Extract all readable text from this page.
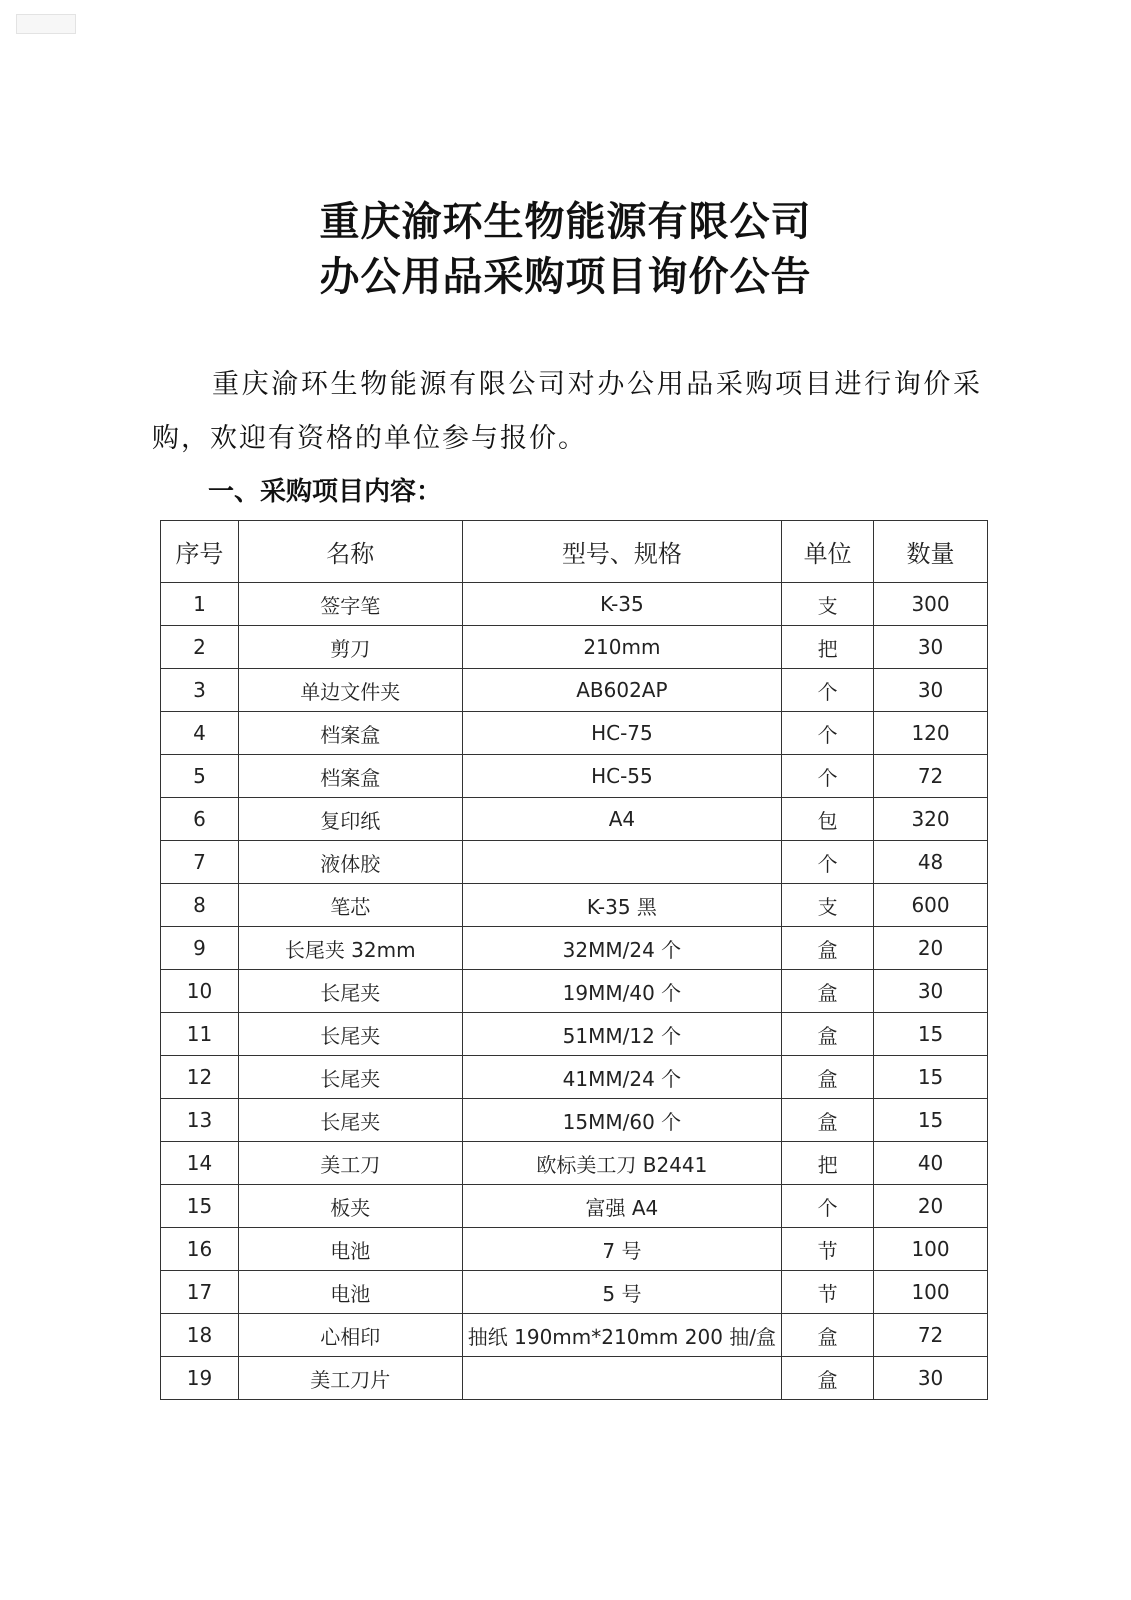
重庆渝环生物能源有限公司
办公用品采购项目询价公告

重庆渝环生物能源有限公司对办公用品采购项目进行询价采购，欢迎有资格的单位参与报价。

一、采购项目内容：
序号	名称	型号、规格	单位	数量
1	签字笔	K-35	支	300
2	剪刀	210mm	把	30
3	单边文件夹	AB602AP	个	30
4	档案盒	HC-75	个	120
5	档案盒	HC-55	个	72
6	复印纸	A4	包	320
7	液体胶		个	48
8	笔芯	K-35 黑	支	600
9	长尾夹 32mm	32MM/24 个	盒	20
10	长尾夹	19MM/40 个	盒	30
11	长尾夹	51MM/12 个	盒	15
12	长尾夹	41MM/24 个	盒	15
13	长尾夹	15MM/60 个	盒	15
14	美工刀	欧标美工刀 B2441	把	40
15	板夹	富强 A4	个	20
16	电池	7 号	节	100
17	电池	5 号	节	100
18	心相印	抽纸 190mm*210mm 200 抽/盒	盒	72
19	美工刀片		盒	30
